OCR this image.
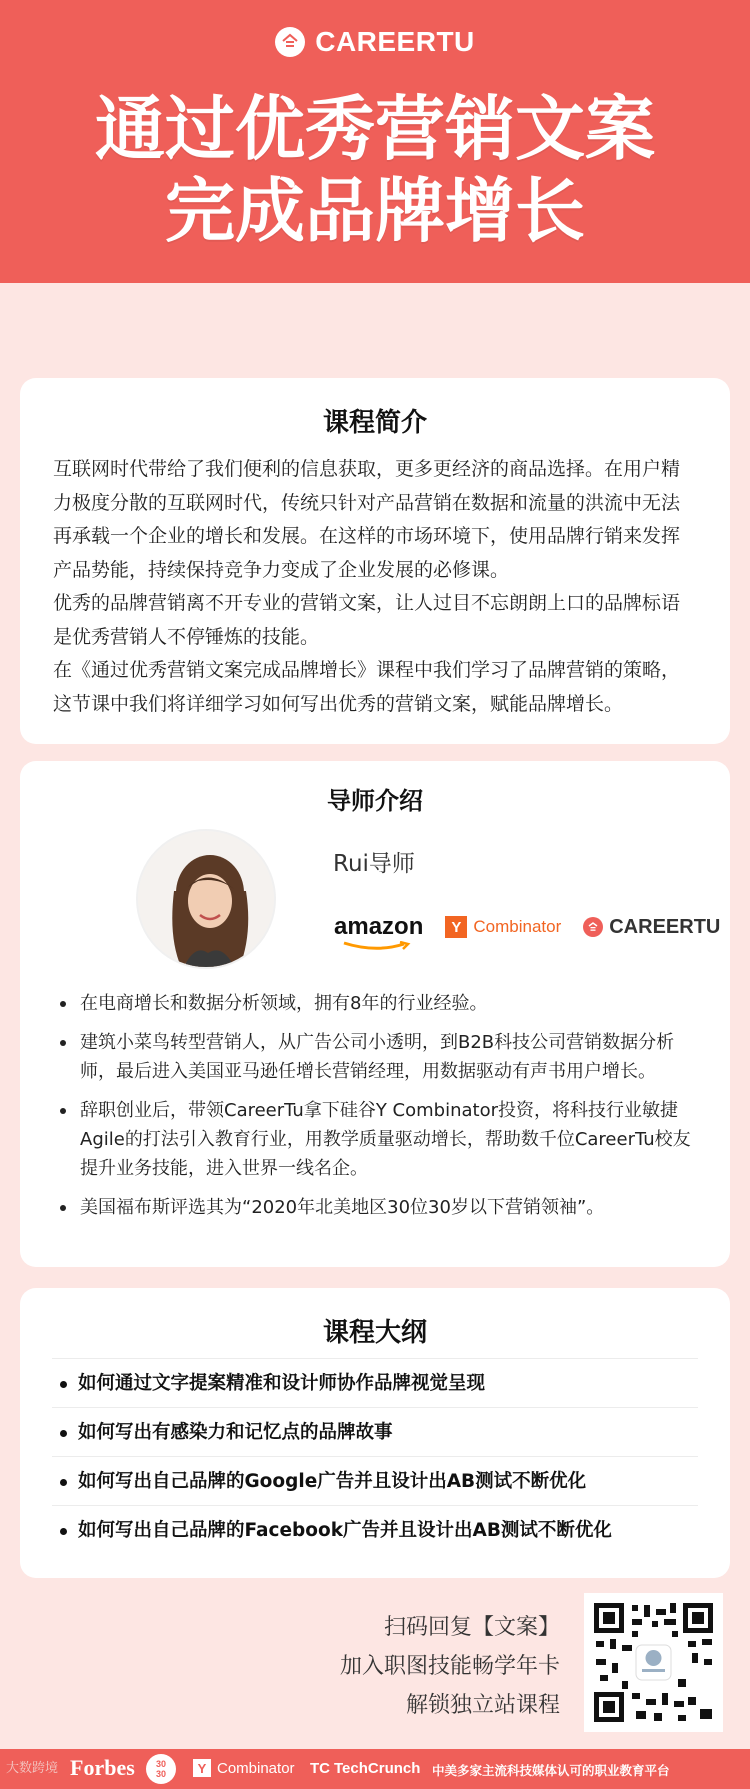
CAREERTU
通过优秀营销文案
完成品牌增长
课程简介

互联网时代带给了我们便利的信息获取，更多更经济的商品选择。在用户精力极度分散的互联网时代，传统只针对产品营销在数据和流量的洪流中无法再承载一个企业的增长和发展。在这样的市场环境下，使用品牌行销来发挥产品势能，持续保持竞争力变成了企业发展的必修课。

优秀的品牌营销离不开专业的营销文案，让人过目不忘朗朗上口的品牌标语是优秀营销人不停锤炼的技能。

在《通过优秀营销文案完成品牌增长》课程中我们学习了品牌营销的策略，这节课中我们将详细学习如何写出优秀的营销文案，赋能品牌增长。

导师介绍
Rui导师
amazon	Y Combinator CAREERTU
在电商增长和数据分析领域，拥有8年的行业经验。
建筑小菜鸟转型营销人，从广告公司小透明，到B2B科技公司营销数据分析师，最后进入美国亚马逊任增长营销经理，用数据驱动有声书用户增长。
辞职创业后，带领CareerTu拿下硅谷Y Combinator投资，将科技行业敏捷Agile的打法引入教育行业，用教学质量驱动增长，帮助数千位CareerTu校友提升业务技能，进入世界一线名企。
美国福布斯评选其为“2020年北美地区30位30岁以下营销领袖”。
课程大纲
如何通过文字提案精准和设计师协作品牌视觉呈现
如何写出有感染力和记忆点的品牌故事
如何写出自己品牌的Google广告并且设计出AB测试不断优化
如何写出自己品牌的Facebook广告并且设计出AB测试不断优化
扫码回复【文案】
加入职图技能畅学年卡
解锁独立站课程
Forbes	30
30	Y Combinator TC TechCrunch 中美多家主流科技媒体认可的职业教育平台
大数跨境
